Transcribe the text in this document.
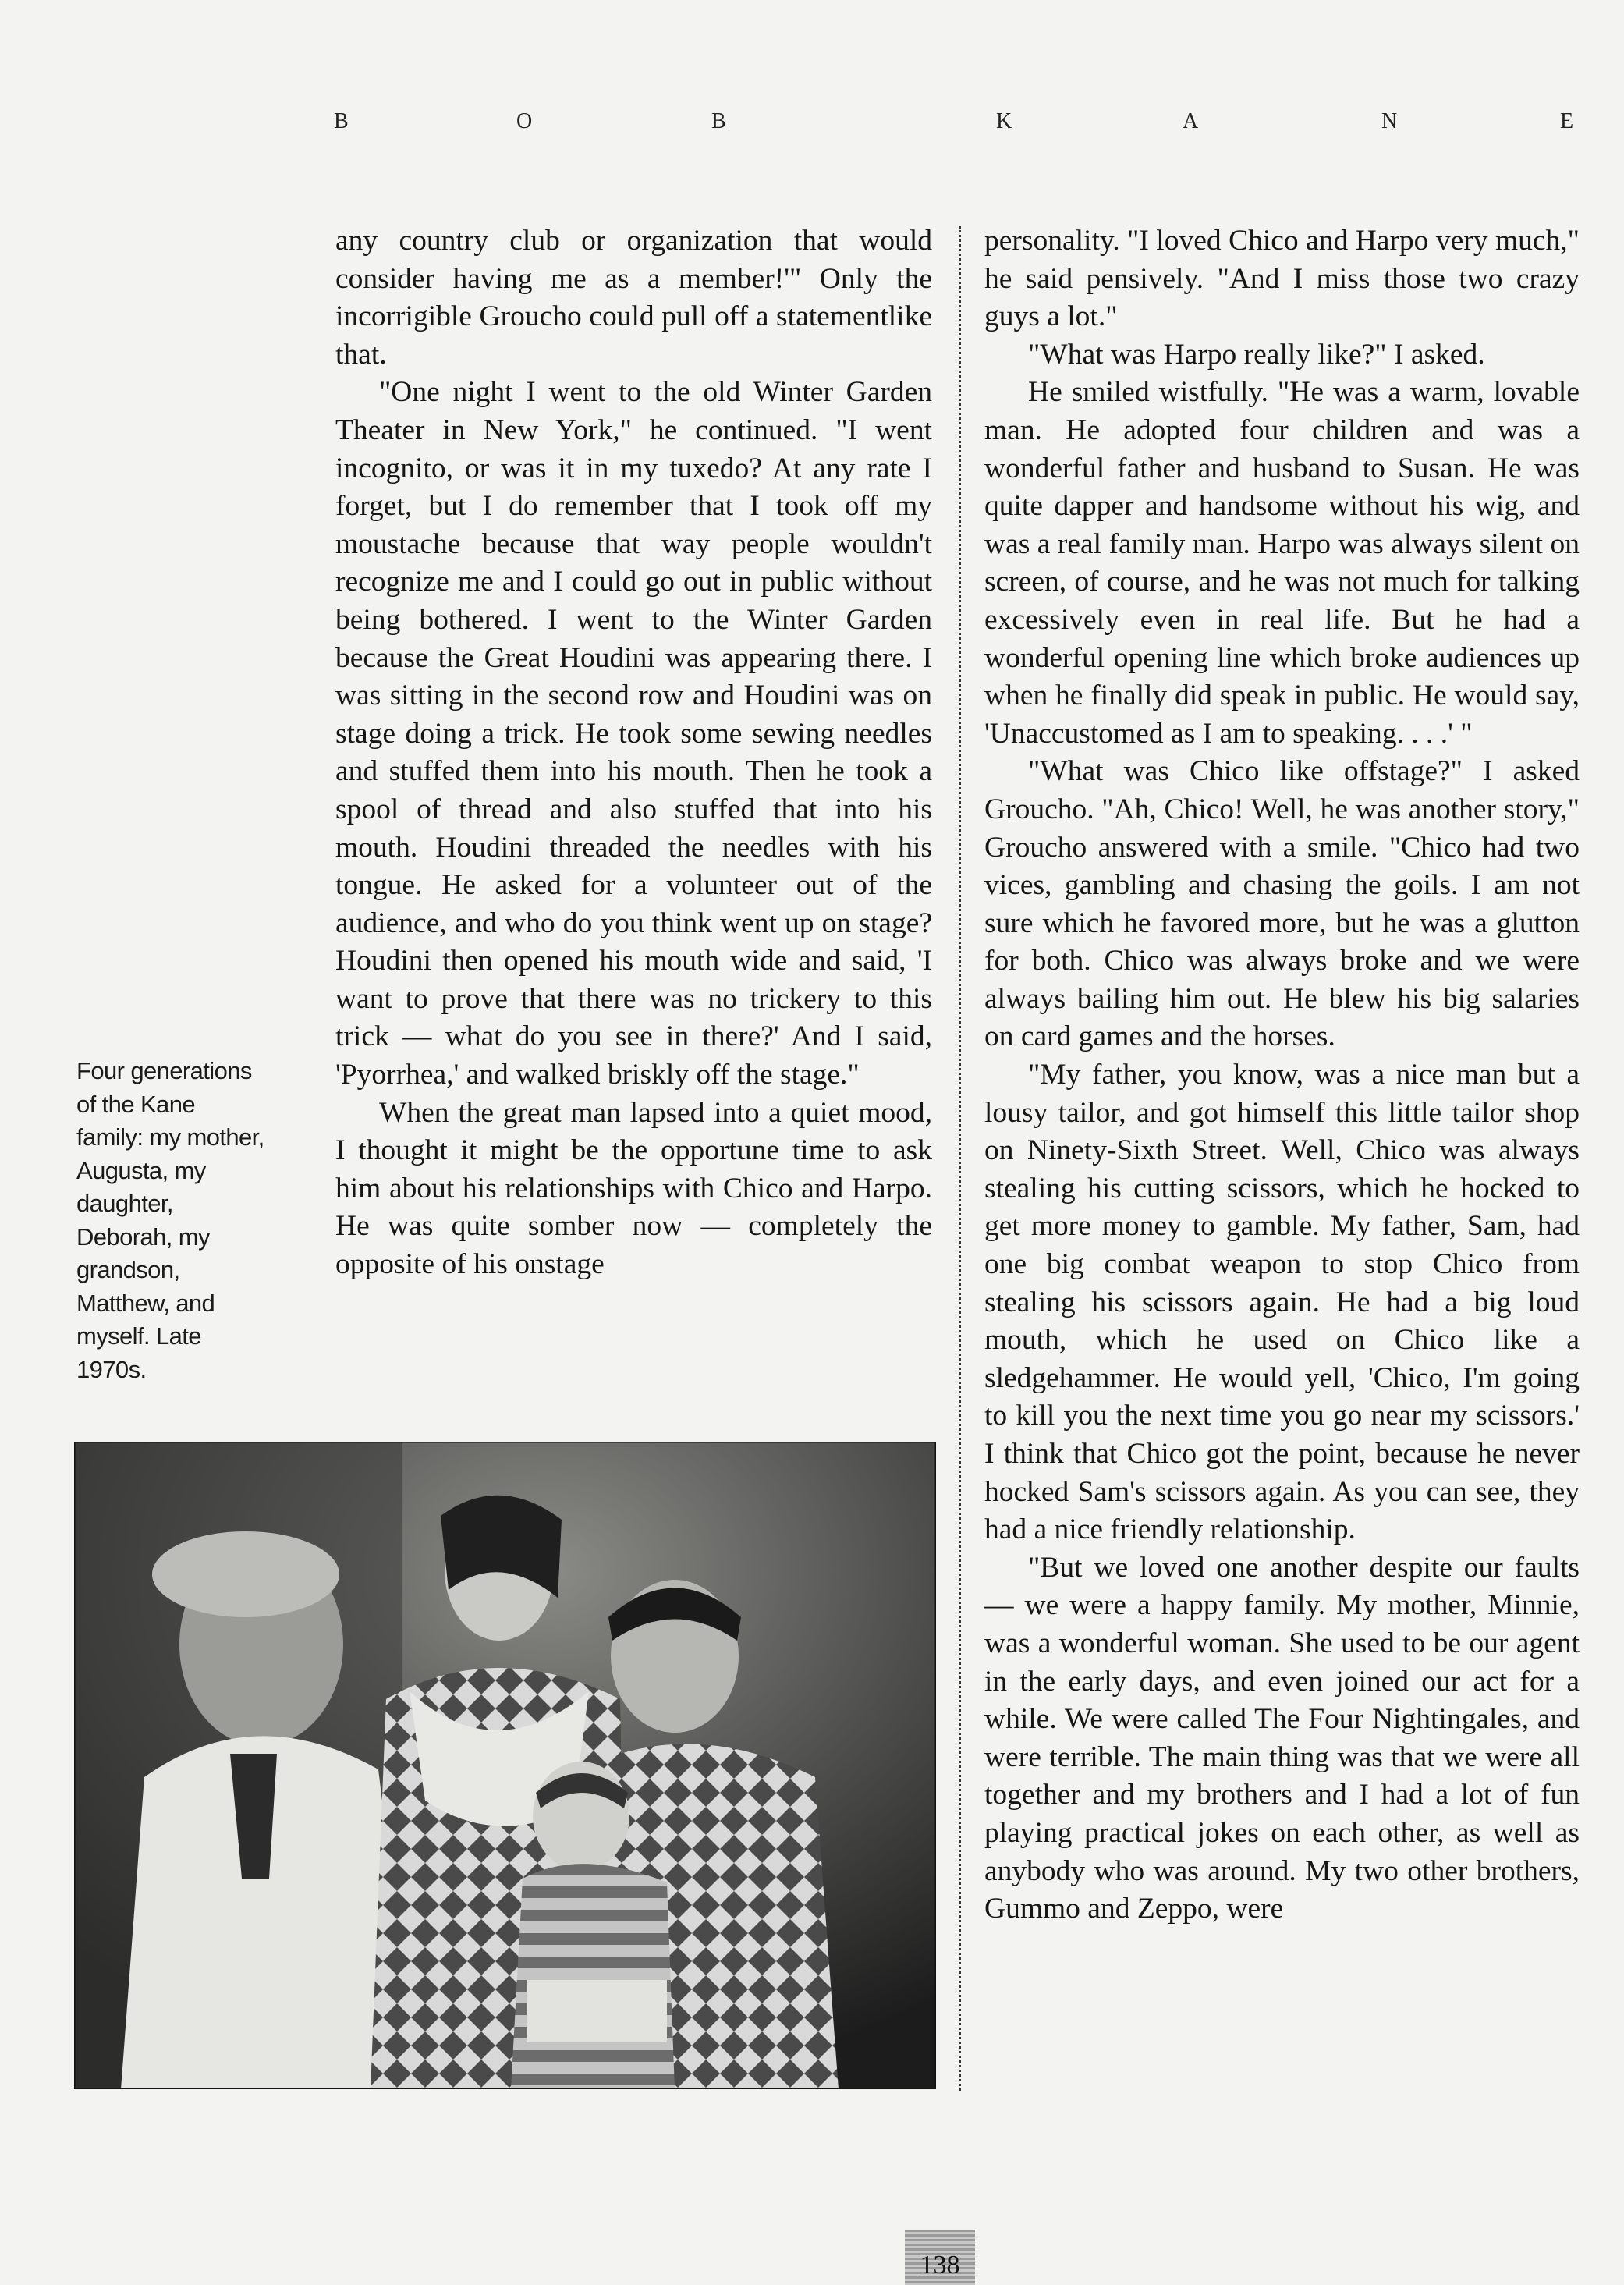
B	O	B	K	A	N	E

any country club or organization that would consider having me as a member!'" Only the incorrigible Groucho could pull off a statementlike that.

"One night I went to the old Winter Garden Theater in New York," he continued. "I went incognito, or was it in my tuxedo? At any rate I forget, but I do remember that I took off my moustache because that way people wouldn't recognize me and I could go out in public without being bothered. I went to the Winter Garden because the Great Houdini was appearing there. I was sitting in the second row and Houdini was on stage doing a trick. He took some sewing needles and stuffed them into his mouth. Then he took a spool of thread and also stuffed that into his mouth. Houdini threaded the needles with his tongue. He asked for a volunteer out of the audience, and who do you think went up on stage? Houdini then opened his mouth wide and said, 'I want to prove that there was no trickery to this trick — what do you see in there?' And I said, 'Pyorrhea,' and walked briskly off the stage."

When the great man lapsed into a quiet mood, I thought it might be the opportune time to ask him about his relationships with Chico and Harpo. He was quite somber now — completely the opposite of his onstage

personality. "I loved Chico and Harpo very much," he said pensively. "And I miss those two crazy guys a lot."

"What was Harpo really like?" I asked.

He smiled wistfully. "He was a warm, lovable man. He adopted four children and was a wonderful father and husband to Susan. He was quite dapper and handsome without his wig, and was a real family man. Harpo was always silent on screen, of course, and he was not much for talking excessively even in real life. But he had a wonderful opening line which broke audiences up when he finally did speak in public. He would say, 'Unaccustomed as I am to speaking. . . .' "

"What was Chico like offstage?" I asked Groucho. "Ah, Chico! Well, he was another story," Groucho answered with a smile. "Chico had two vices, gambling and chasing the goils. I am not sure which he favored more, but he was a glutton for both. Chico was always broke and we were always bailing him out. He blew his big salaries on card games and the horses.

"My father, you know, was a nice man but a lousy tailor, and got himself this little tailor shop on Ninety-Sixth Street. Well, Chico was always stealing his cutting scissors, which he hocked to get more money to gamble. My father, Sam, had one big combat weapon to stop Chico from stealing his scissors again. He had a big loud mouth, which he used on Chico like a sledgehammer. He would yell, 'Chico, I'm going to kill you the next time you go near my scissors.' I think that Chico got the point, because he never hocked Sam's scissors again. As you can see, they had a nice friendly relationship.

"But we loved one another despite our faults — we were a happy family. My mother, Minnie, was a wonderful woman. She used to be our agent in the early days, and even joined our act for a while. We were called The Four Nightingales, and were terrible. The main thing was that we were all together and my brothers and I had a lot of fun playing practical jokes on each other, as well as anybody who was around. My two other brothers, Gummo and Zeppo, were

Four generations of the Kane family: my mother, Augusta, my daughter, Deborah, my grandson, Matthew, and myself. Late 1970s.
138
